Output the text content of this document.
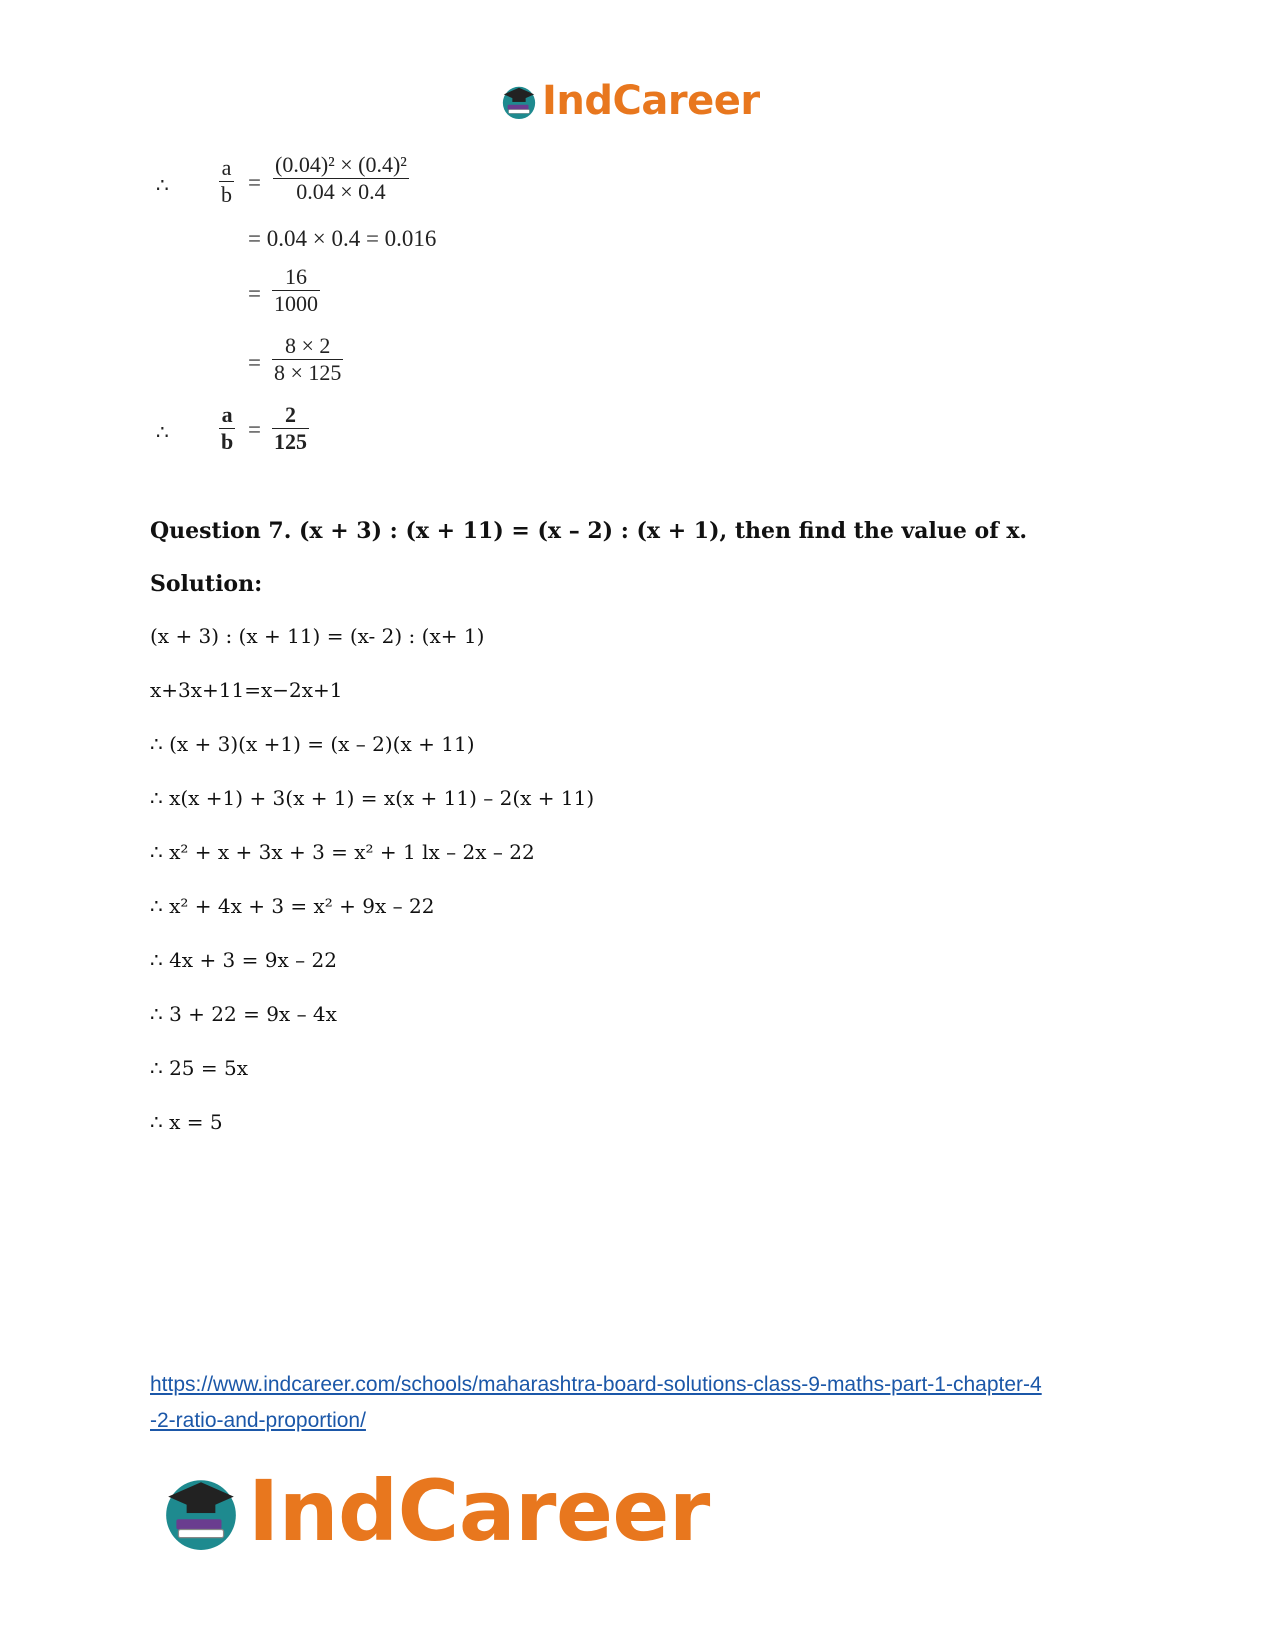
IndCareer
∴ $\frac{a}{b} = \frac{\text{(0.04)² × (0.4)²}}{0.04 \times 0.4}$
= 0.04 × 0.4 = 0.016
= $\frac{16}{1000}$
= $\frac{8 \times 2}{8 \times 125}$
∴ $\frac{a}{b} = \frac{2}{125}$
Question 7. (x + 3) : (x + 11) = (x – 2) : (x + 1), then find the value of x.
Solution:
(x + 3) : (x + 11) = (x- 2) : (x+ 1)
x+3x+11=x−2x+1
∴ (x + 3)(x +1) = (x – 2)(x + 11)
∴ x(x +1) + 3(x + 1) = x(x + 11) – 2(x + 11)
∴ x² + x + 3x + 3 = x² + 1 lx – 2x – 22
∴ x² + 4x + 3 = x² + 9x – 22
∴ 4x + 3 = 9x – 22
∴ 3 + 22 = 9x – 4x
∴ 25 = 5x
∴ x = 5
https://www.indcareer.com/schools/maharashtra-board-solutions-class-9-maths-part-1-chapter-4
-2-ratio-and-proportion/
IndCareer
